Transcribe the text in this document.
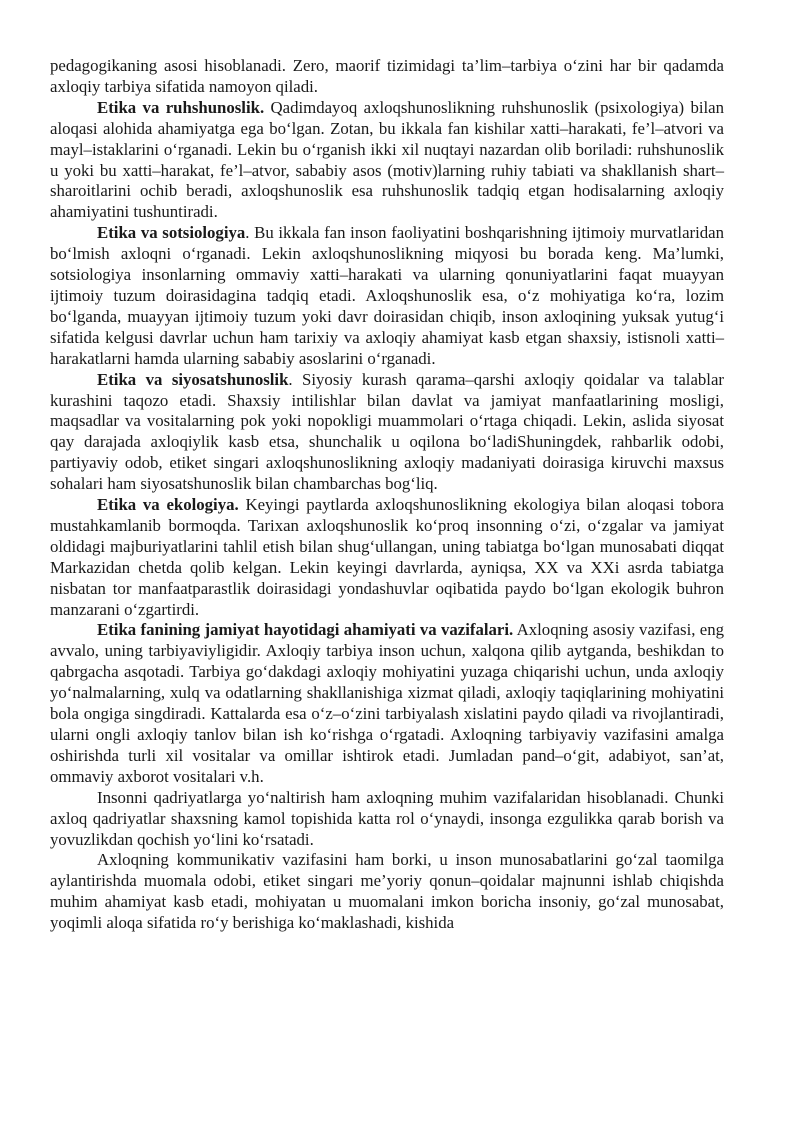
pedagogikaning asosi hisoblanadi. Zero, maorif tizimidagi ta’lim–tarbiya o‘zini har bir qadamda axloqiy tarbiya sifatida namoyon qiladi.

Etika va ruhshunoslik. Qadimdayoq axloqshunoslikning ruhshunoslik (psixologiya) bilan aloqasi alohida ahamiyatga ega bo‘lgan. Zotan, bu ikkala fan kishilar xatti–harakati, fe’l–atvori va mayl–istaklarini o‘rganadi. Lekin bu o‘rganish ikki xil nuqtayi nazardan olib boriladi: ruhshunoslik u yoki bu xatti–harakat, fe’l–atvor, sababiy asos (motiv)larning ruhiy tabiati va shakllanish shart–sharoitlarini ochib beradi, axloqshunoslik esa ruhshunoslik tadqiq etgan hodisalarning axloqiy ahamiyatini tushuntiradi.

Etika va sotsiologiya. Bu ikkala fan inson faoliyatini boshqarishning ijtimoiy murvatlaridan bo‘lmish axloqni o‘rganadi. Lekin axloqshunoslikning miqyosi bu borada keng. Ma’lumki, sotsiologiya insonlarning ommaviy xatti–harakati va ularning qonuniyatlarini faqat muayyan ijtimoiy tuzum doirasidagina tadqiq etadi. Axloqshunoslik esa, o‘z mohiyatiga ko‘ra, lozim bo‘lganda, muayyan ijtimoiy tuzum yoki davr doirasidan chiqib, inson axloqining yuksak yutug‘i sifatida kelgusi davrlar uchun ham tarixiy va axloqiy ahamiyat kasb etgan shaxsiy, istisnoli xatti–harakatlarni hamda ularning sababiy asoslarini o‘rganadi.

Etika va siyosatshunoslik. Siyosiy kurash qarama–qarshi axloqiy qoidalar va talablar kurashini taqozo etadi. Shaxsiy intilishlar bilan davlat va jamiyat manfaatlarining mosligi, maqsadlar va vositalarning pok yoki nopokligi muammolari o‘rtaga chiqadi. Lekin, aslida siyosat qay darajada axloqiylik kasb etsa, shunchalik u oqilona bo‘ladiShuningdek, rahbarlik odobi, partiyaviy odob, etiket singari axloqshunoslikning axloqiy madaniyati doirasiga kiruvchi maxsus sohalari ham siyosatshunoslik bilan chambarchas bog‘liq.

Etika va ekologiya. Keyingi paytlarda axloqshunoslikning ekologiya bilan aloqasi tobora mustahkamlanib bormoqda. Tarixan axloqshunoslik ko‘proq insonning o‘zi, o‘zgalar va jamiyat oldidagi majburiyatlarini tahlil etish bilan shug‘ullangan, uning tabiatga bo‘lgan munosabati diqqat Markazidan chetda qolib kelgan. Lekin keyingi davrlarda, ayniqsa, XX va XXi asrda tabiatga nisbatan tor manfaatparastlik doirasidagi yondashuvlar oqibatida paydo bo‘lgan ekologik buhron manzarani o‘zgartirdi.

Etika fanining jamiyat hayotidagi ahamiyati va vazifalari. Axloqning asosiy vazifasi, eng avvalo, uning tarbiyaviyligidir. Axloqiy tarbiya inson uchun, xalqona qilib aytganda, beshikdan to qabrgacha asqotadi. Tarbiya go‘dakdagi axloqiy mohiyatini yuzaga chiqarishi uchun, unda axloqiy yo‘nalmalarning, xulq va odatlarning shakllanishiga xizmat qiladi, axloqiy taqiqlarining mohiyatini bola ongiga singdiradi. Kattalarda esa o‘z–o‘zini tarbiyalash xislatini paydo qiladi va rivojlantiradi, ularni ongli axloqiy tanlov bilan ish ko‘rishga o‘rgatadi. Axloqning tarbiyaviy vazifasini amalga oshirishda turli xil vositalar va omillar ishtirok etadi. Jumladan pand–o‘git, adabiyot, san’at, ommaviy axborot vositalari v.h.

Insonni qadriyatlarga yo‘naltirish ham axloqning muhim vazifalaridan hisoblanadi. Chunki axloq qadriyatlar shaxsning kamol topishida katta rol o‘ynaydi, insonga ezgulikka qarab borish va yovuzlikdan qochish yo‘lini ko‘rsatadi.

Axloqning kommunikativ vazifasini ham borki, u inson munosabatlarini go‘zal taomilga aylantirishda muomala odobi, etiket singari me’yoriy qonun–qoidalar majnunni ishlab chiqishda muhim ahamiyat kasb etadi, mohiyatan u muomalani imkon boricha insoniy, go‘zal munosabat, yoqimli aloqa sifatida ro‘y berishiga ko‘maklashadi, kishida
